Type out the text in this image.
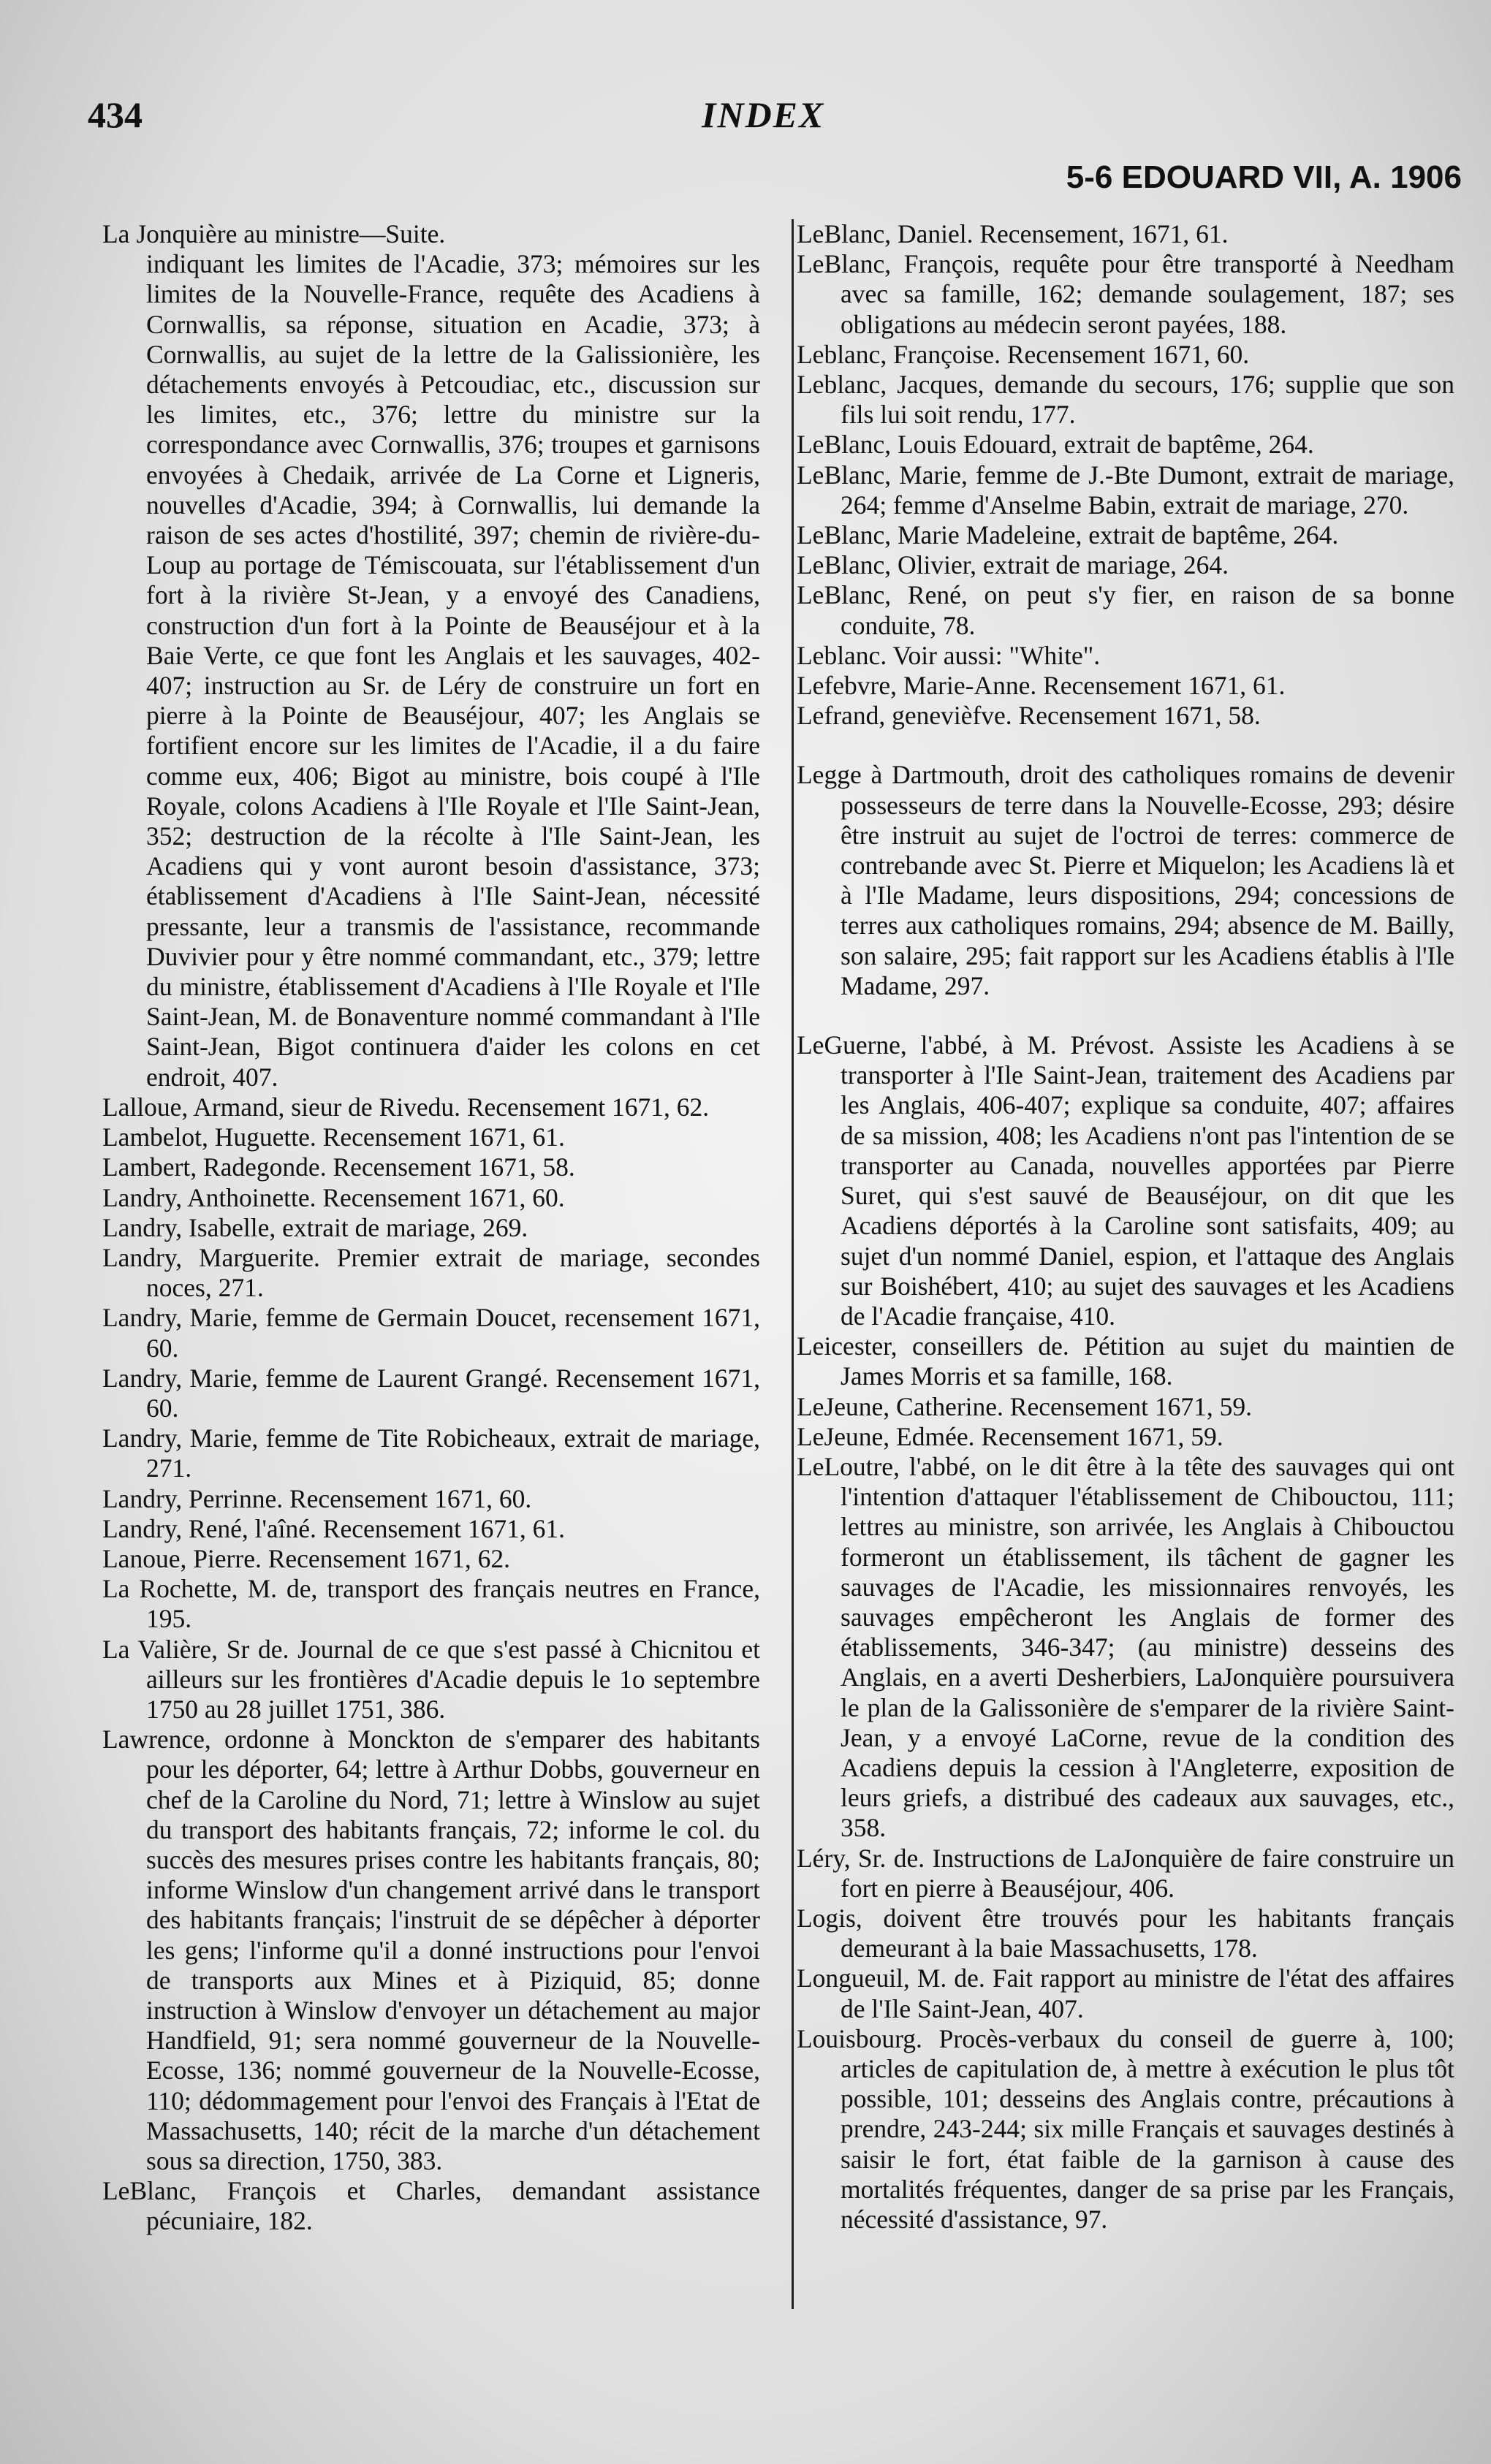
434	INDEX
5-6 EDOUARD VII, A. 1906

La Jonquière au ministre—Suite.

indiquant les limites de l'Acadie, 373; mémoires sur les limites de la Nouvelle-France, requête des Acadiens à Cornwallis, sa réponse, situation en Acadie, 373; à Cornwallis, au sujet de la lettre de la Galissionière, les détachements envoyés à Petcoudiac, etc., discussion sur les limites, etc., 376; lettre du ministre sur la correspondance avec Cornwallis, 376; troupes et garnisons envoyées à Chedaik, arrivée de La Corne et Ligneris, nouvelles d'Acadie, 394; à Cornwallis, lui demande la raison de ses actes d'hostilité, 397; chemin de rivière-du-Loup au portage de Témiscouata, sur l'établissement d'un fort à la rivière St-Jean, y a envoyé des Canadiens, construction d'un fort à la Pointe de Beauséjour et à la Baie Verte, ce que font les Anglais et les sauvages, 402-407; instruction au Sr. de Léry de construire un fort en pierre à la Pointe de Beauséjour, 407; les Anglais se fortifient encore sur les limites de l'Acadie, il a du faire comme eux, 406; Bigot au ministre, bois coupé à l'Ile Royale, colons Acadiens à l'Ile Royale et l'Ile Saint-Jean, 352; destruction de la récolte à l'Ile Saint-Jean, les Acadiens qui y vont auront besoin d'assistance, 373; établissement d'Acadiens à l'Ile Saint-Jean, nécessité pressante, leur a transmis de l'assistance, recommande Duvivier pour y être nommé commandant, etc., 379; lettre du ministre, établissement d'Acadiens à l'Ile Royale et l'Ile Saint-Jean, M. de Bonaventure nommé commandant à l'Ile Saint-Jean, Bigot continuera d'aider les colons en cet endroit, 407.

Lalloue, Armand, sieur de Rivedu. Recensement 1671, 62.

Lambelot, Huguette. Recensement 1671, 61.

Lambert, Radegonde. Recensement 1671, 58.

Landry, Anthoinette. Recensement 1671, 60.

Landry, Isabelle, extrait de mariage, 269.

Landry, Marguerite. Premier extrait de mariage, secondes noces, 271.

Landry, Marie, femme de Germain Doucet, recensement 1671, 60.

Landry, Marie, femme de Laurent Grangé. Recensement 1671, 60.

Landry, Marie, femme de Tite Robicheaux, extrait de mariage, 271.

Landry, Perrinne. Recensement 1671, 60.

Landry, René, l'aîné. Recensement 1671, 61.

Lanoue, Pierre. Recensement 1671, 62.

La Rochette, M. de, transport des français neutres en France, 195.

La Valière, Sr de. Journal de ce que s'est passé à Chicnitou et ailleurs sur les frontières d'Acadie depuis le 1o septembre 1750 au 28 juillet 1751, 386.

Lawrence, ordonne à Monckton de s'emparer des habitants pour les déporter, 64; lettre à Arthur Dobbs, gouverneur en chef de la Caroline du Nord, 71; lettre à Winslow au sujet du transport des habitants français, 72; informe le col. du succès des mesures prises contre les habitants français, 80; informe Winslow d'un changement arrivé dans le transport des habitants français; l'instruit de se dépêcher à déporter les gens; l'informe qu'il a donné instructions pour l'envoi de transports aux Mines et à Piziquid, 85; donne instruction à Winslow d'envoyer un détachement au major Handfield, 91; sera nommé gouverneur de la Nouvelle-Ecosse, 136; nommé gouverneur de la Nouvelle-Ecosse, 110; dédommagement pour l'envoi des Français à l'Etat de Massachusetts, 140; récit de la marche d'un détachement sous sa direction, 1750, 383.

LeBlanc, François et Charles, demandant assistance pécuniaire, 182.

LeBlanc, Daniel. Recensement, 1671, 61.

LeBlanc, François, requête pour être transporté à Needham avec sa famille, 162; demande soulagement, 187; ses obligations au médecin seront payées, 188.

Leblanc, Françoise. Recensement 1671, 60.

Leblanc, Jacques, demande du secours, 176; supplie que son fils lui soit rendu, 177.

LeBlanc, Louis Edouard, extrait de baptême, 264.

LeBlanc, Marie, femme de J.-Bte Dumont, extrait de mariage, 264; femme d'Anselme Babin, extrait de mariage, 270.

LeBlanc, Marie Madeleine, extrait de baptême, 264.

LeBlanc, Olivier, extrait de mariage, 264.

LeBlanc, René, on peut s'y fier, en raison de sa bonne conduite, 78.

Leblanc. Voir aussi: "White".

Lefebvre, Marie-Anne. Recensement 1671, 61.

Lefrand, genevièfve. Recensement 1671, 58.

Legge à Dartmouth, droit des catholiques romains de devenir possesseurs de terre dans la Nouvelle-Ecosse, 293; désire être instruit au sujet de l'octroi de terres: commerce de contrebande avec St. Pierre et Miquelon; les Acadiens là et à l'Ile Madame, leurs dispositions, 294; concessions de terres aux catholiques romains, 294; absence de M. Bailly, son salaire, 295; fait rapport sur les Acadiens établis à l'Ile Madame, 297.

LeGuerne, l'abbé, à M. Prévost. Assiste les Acadiens à se transporter à l'Ile Saint-Jean, traitement des Acadiens par les Anglais, 406-407; explique sa conduite, 407; affaires de sa mission, 408; les Acadiens n'ont pas l'intention de se transporter au Canada, nouvelles apportées par Pierre Suret, qui s'est sauvé de Beauséjour, on dit que les Acadiens déportés à la Caroline sont satisfaits, 409; au sujet d'un nommé Daniel, espion, et l'attaque des Anglais sur Boishébert, 410; au sujet des sauvages et les Acadiens de l'Acadie française, 410.

Leicester, conseillers de. Pétition au sujet du maintien de James Morris et sa famille, 168.

LeJeune, Catherine. Recensement 1671, 59.

LeJeune, Edmée. Recensement 1671, 59.

LeLoutre, l'abbé, on le dit être à la tête des sauvages qui ont l'intention d'attaquer l'établissement de Chibouctou, 111; lettres au ministre, son arrivée, les Anglais à Chibouctou formeront un établissement, ils tâchent de gagner les sauvages de l'Acadie, les missionnaires renvoyés, les sauvages empêcheront les Anglais de former des établissements, 346-347; (au ministre) desseins des Anglais, en a averti Desherbiers, LaJonquière poursuivera le plan de la Galissonière de s'emparer de la rivière Saint-Jean, y a envoyé LaCorne, revue de la condition des Acadiens depuis la cession à l'Angleterre, exposition de leurs griefs, a distribué des cadeaux aux sauvages, etc., 358.

Léry, Sr. de. Instructions de LaJonquière de faire construire un fort en pierre à Beauséjour, 406.

Logis, doivent être trouvés pour les habitants français demeurant à la baie Massachusetts, 178.

Longueuil, M. de. Fait rapport au ministre de l'état des affaires de l'Ile Saint-Jean, 407.

Louisbourg. Procès-verbaux du conseil de guerre à, 100; articles de capitulation de, à mettre à exécution le plus tôt possible, 101; desseins des Anglais contre, précautions à prendre, 243-244; six mille Français et sauvages destinés à saisir le fort, état faible de la garnison à cause des mortalités fréquentes, danger de sa prise par les Français, nécessité d'assistance, 97.
